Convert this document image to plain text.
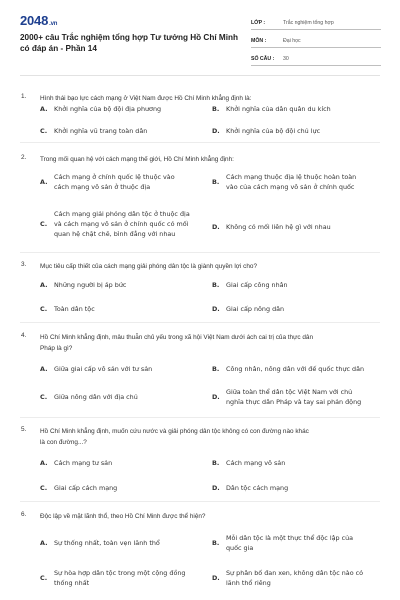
2048.vn
2000+ câu Trắc nghiệm tổng hợp Tư tưởng Hồ Chí Minh có đáp án - Phần 14
LỚP :	Trắc nghiệm tổng hợp
MÔN :	Đại học
SỐ CÂU :	30
1. Hình thái bạo lực cách mạng ở Việt Nam được Hồ Chí Minh khẳng định là:
A.	Khởi nghĩa của bộ đội địa phương	B.	Khởi nghĩa của dân quân du kích
C.	Khởi nghĩa vũ trang toàn dân	D. Khởi nghĩa của bộ đội chủ lực
2. Trong mối quan hệ với cách mạng thế giới, Hồ Chí Minh khẳng định:
A.
Cách mạng ở chính quốc lệ thuộc vào
cách mạng vô sản ở thuộc địa
B.
Cách mạng thuộc địa lệ thuộc hoàn toàn
vào của cách mạng vô sản ở chính quốc
C.
Cách mạng giải phóng dân tộc ở thuộc địa
và cách mạng vô sản ở chính quốc có mối
quan hệ chặt chẽ, bình đẳng với nhau
D. Không có mối liên hệ gì với nhau
3. Mục tiêu cấp thiết của cách mạng giải phóng dân tộc là giành quyền lợi cho?
A.	Những người bị áp bức	B.	Giai cấp công nhân
C.	Toàn dân tộc	D. Giai cấp nông dân
4. Hồ Chí Minh khẳng định, mâu thuẫn chủ yếu trong xã hội Việt Nam dưới ách cai trị của thực dân
Pháp là gì?
A.	Giữa giai cấp vô sản với tư sản	B.	Công nhân, nông dân với đế quốc thực dân
C.	Giữa nông dân với địa chủ	D.
Giữa toàn thể dân tộc Việt Nam với chủ
nghĩa thực dân Pháp và tay sai phản động
5. Hồ Chí Minh khẳng định, muốn cứu nước và giải phóng dân tộc không có con đường nào khác
là con đường...?
A.	Cách mạng tư sản	B.	Cách mạng vô sản
C.	Giai cấp cách mạng	D. Dân tộc cách mạng
6. Độc lập về mặt lãnh thổ, theo Hồ Chí Minh được thể hiện?
A.	Sự thống nhất, toàn vẹn lãnh thổ	B.
Mỗi dân tộc là một thực thể độc lập của
quốc gia
C.
Sự hòa hợp dân tộc trong một cộng đồng
thống nhất
D.
Sự phân bố đan xen, không dân tộc nào có
lãnh thổ riêng
